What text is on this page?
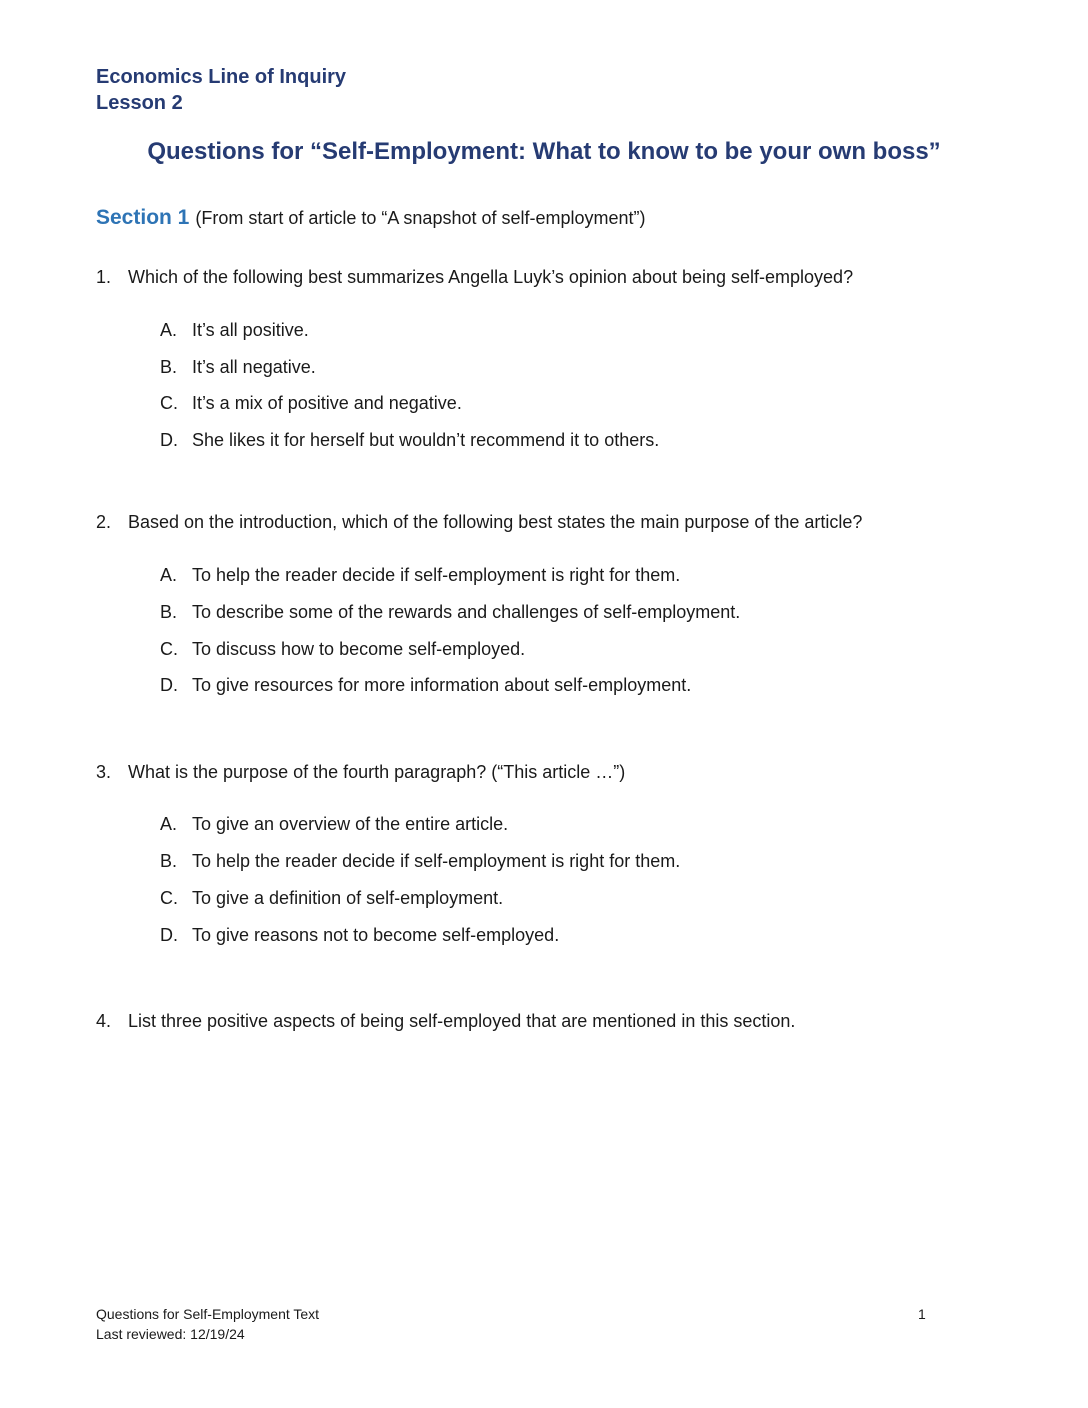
Economics Line of Inquiry
Lesson 2
Questions for “Self-Employment: What to know to be your own boss”
Section 1 (From start of article to “A snapshot of self-employment”)
1. Which of the following best summarizes Angella Luyk’s opinion about being self-employed?
A. It’s all positive.
B. It’s all negative.
C. It’s a mix of positive and negative.
D. She likes it for herself but wouldn’t recommend it to others.
2. Based on the introduction, which of the following best states the main purpose of the article?
A. To help the reader decide if self-employment is right for them.
B. To describe some of the rewards and challenges of self-employment.
C. To discuss how to become self-employed.
D. To give resources for more information about self-employment.
3. What is the purpose of the fourth paragraph? (“This article …”)
A. To give an overview of the entire article.
B. To help the reader decide if self-employment is right for them.
C. To give a definition of self-employment.
D. To give reasons not to become self-employed.
4. List three positive aspects of being self-employed that are mentioned in this section.
Questions for Self-Employment Text
Last reviewed: 12/19/24
1
